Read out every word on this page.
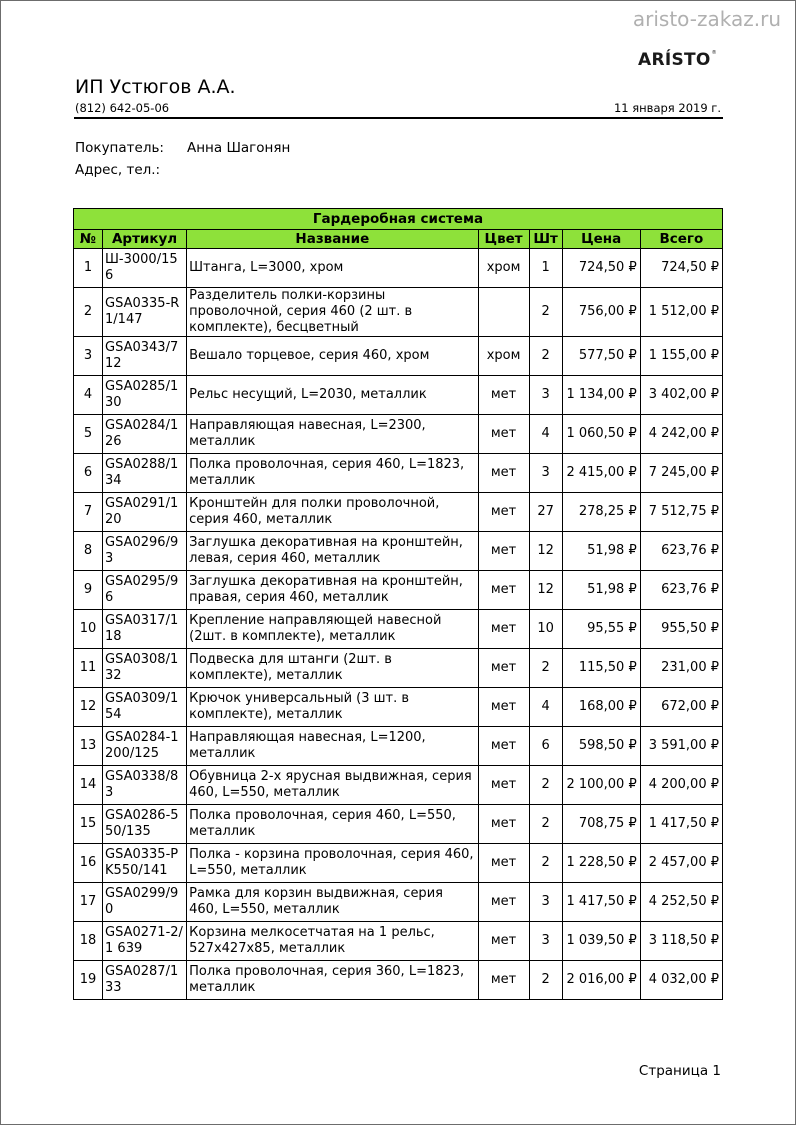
aristo-zakaz.ru
ARÍSTO®
ИП Устюгов А.А.
(812) 642-05-06	11 января 2019 г.
Покупатель: Анна Шагонян
Адрес, тел.:
Гардеробная система						
№	Артикул	Название	Цвет	Шт	Цена	Всего
1	Ш-3000/156	Штанга, L=3000, хром	хром	1	724,50 ₽	724,50 ₽
2	GSA0335-R1/147	Разделитель полки-корзины проволочной, серия 460 (2 шт. в комплекте), бесцветный		2	756,00 ₽	1 512,00 ₽
3	GSA0343/712	Вешало торцевое, серия 460, хром	хром	2	577,50 ₽	1 155,00 ₽
4	GSA0285/130	Рельс несущий, L=2030, металлик	мет	3	1 134,00 ₽	3 402,00 ₽
5	GSA0284/126	Направляющая навесная, L=2300, металлик	мет	4	1 060,50 ₽	4 242,00 ₽
6	GSA0288/134	Полка проволочная, серия 460, L=1823, металлик	мет	3	2 415,00 ₽	7 245,00 ₽
7	GSA0291/120	Кронштейн для полки проволочной, серия 460, металлик	мет	27	278,25 ₽	7 512,75 ₽
8	GSA0296/93	Заглушка декоративная на кронштейн, левая, серия 460, металлик	мет	12	51,98 ₽	623,76 ₽
9	GSA0295/96	Заглушка декоративная на кронштейн, правая, серия 460, металлик	мет	12	51,98 ₽	623,76 ₽
10	GSA0317/118	Крепление направляющей навесной (2шт. в комплекте), металлик	мет	10	95,55 ₽	955,50 ₽
11	GSA0308/132	Подвеска для штанги (2шт. в комплекте), металлик	мет	2	115,50 ₽	231,00 ₽
12	GSA0309/154	Крючок универсальный (3 шт. в комплекте), металлик	мет	4	168,00 ₽	672,00 ₽
13	GSA0284-1200/125	Направляющая навесная, L=1200, металлик	мет	6	598,50 ₽	3 591,00 ₽
14	GSA0338/83	Обувница 2-х ярусная выдвижная, серия 460, L=550, металлик	мет	2	2 100,00 ₽	4 200,00 ₽
15	GSA0286-550/135	Полка проволочная, серия 460, L=550, металлик	мет	2	708,75 ₽	1 417,50 ₽
16	GSA0335-PK550/141	Полка - корзина проволочная, серия 460, L=550, металлик	мет	2	1 228,50 ₽	2 457,00 ₽
17	GSA0299/90	Рамка для корзин выдвижная, серия 460, L=550, металлик	мет	3	1 417,50 ₽	4 252,50 ₽
18	GSA0271-2/1 639	Корзина мелкосетчатая на 1 рельс, 527x427x85, металлик	мет	3	1 039,50 ₽	3 118,50 ₽
19	GSA0287/133	Полка проволочная, серия 360, L=1823, металлик	мет	2	2 016,00 ₽	4 032,00 ₽
Страница 1
